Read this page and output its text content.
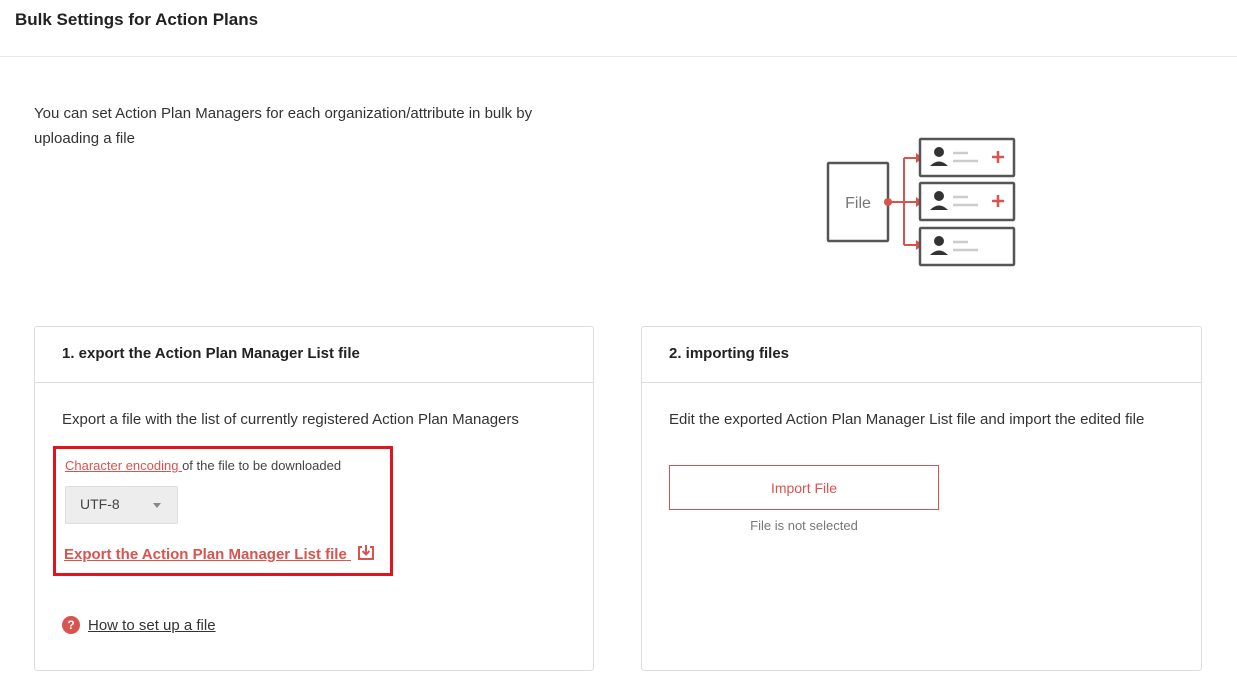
Bulk Settings for Action Plans
You can set Action Plan Managers for each organization/attribute in bulk by uploading a file
File
1. export the Action Plan Manager List file
Export a file with the list of currently registered Action Plan Managers
Character encoding of the file to be downloaded
UTF-8
Export the Action Plan Manager List file
? How to set up a file
2. importing files
Edit the exported Action Plan Manager List file and import the edited file
Import File
File is not selected
